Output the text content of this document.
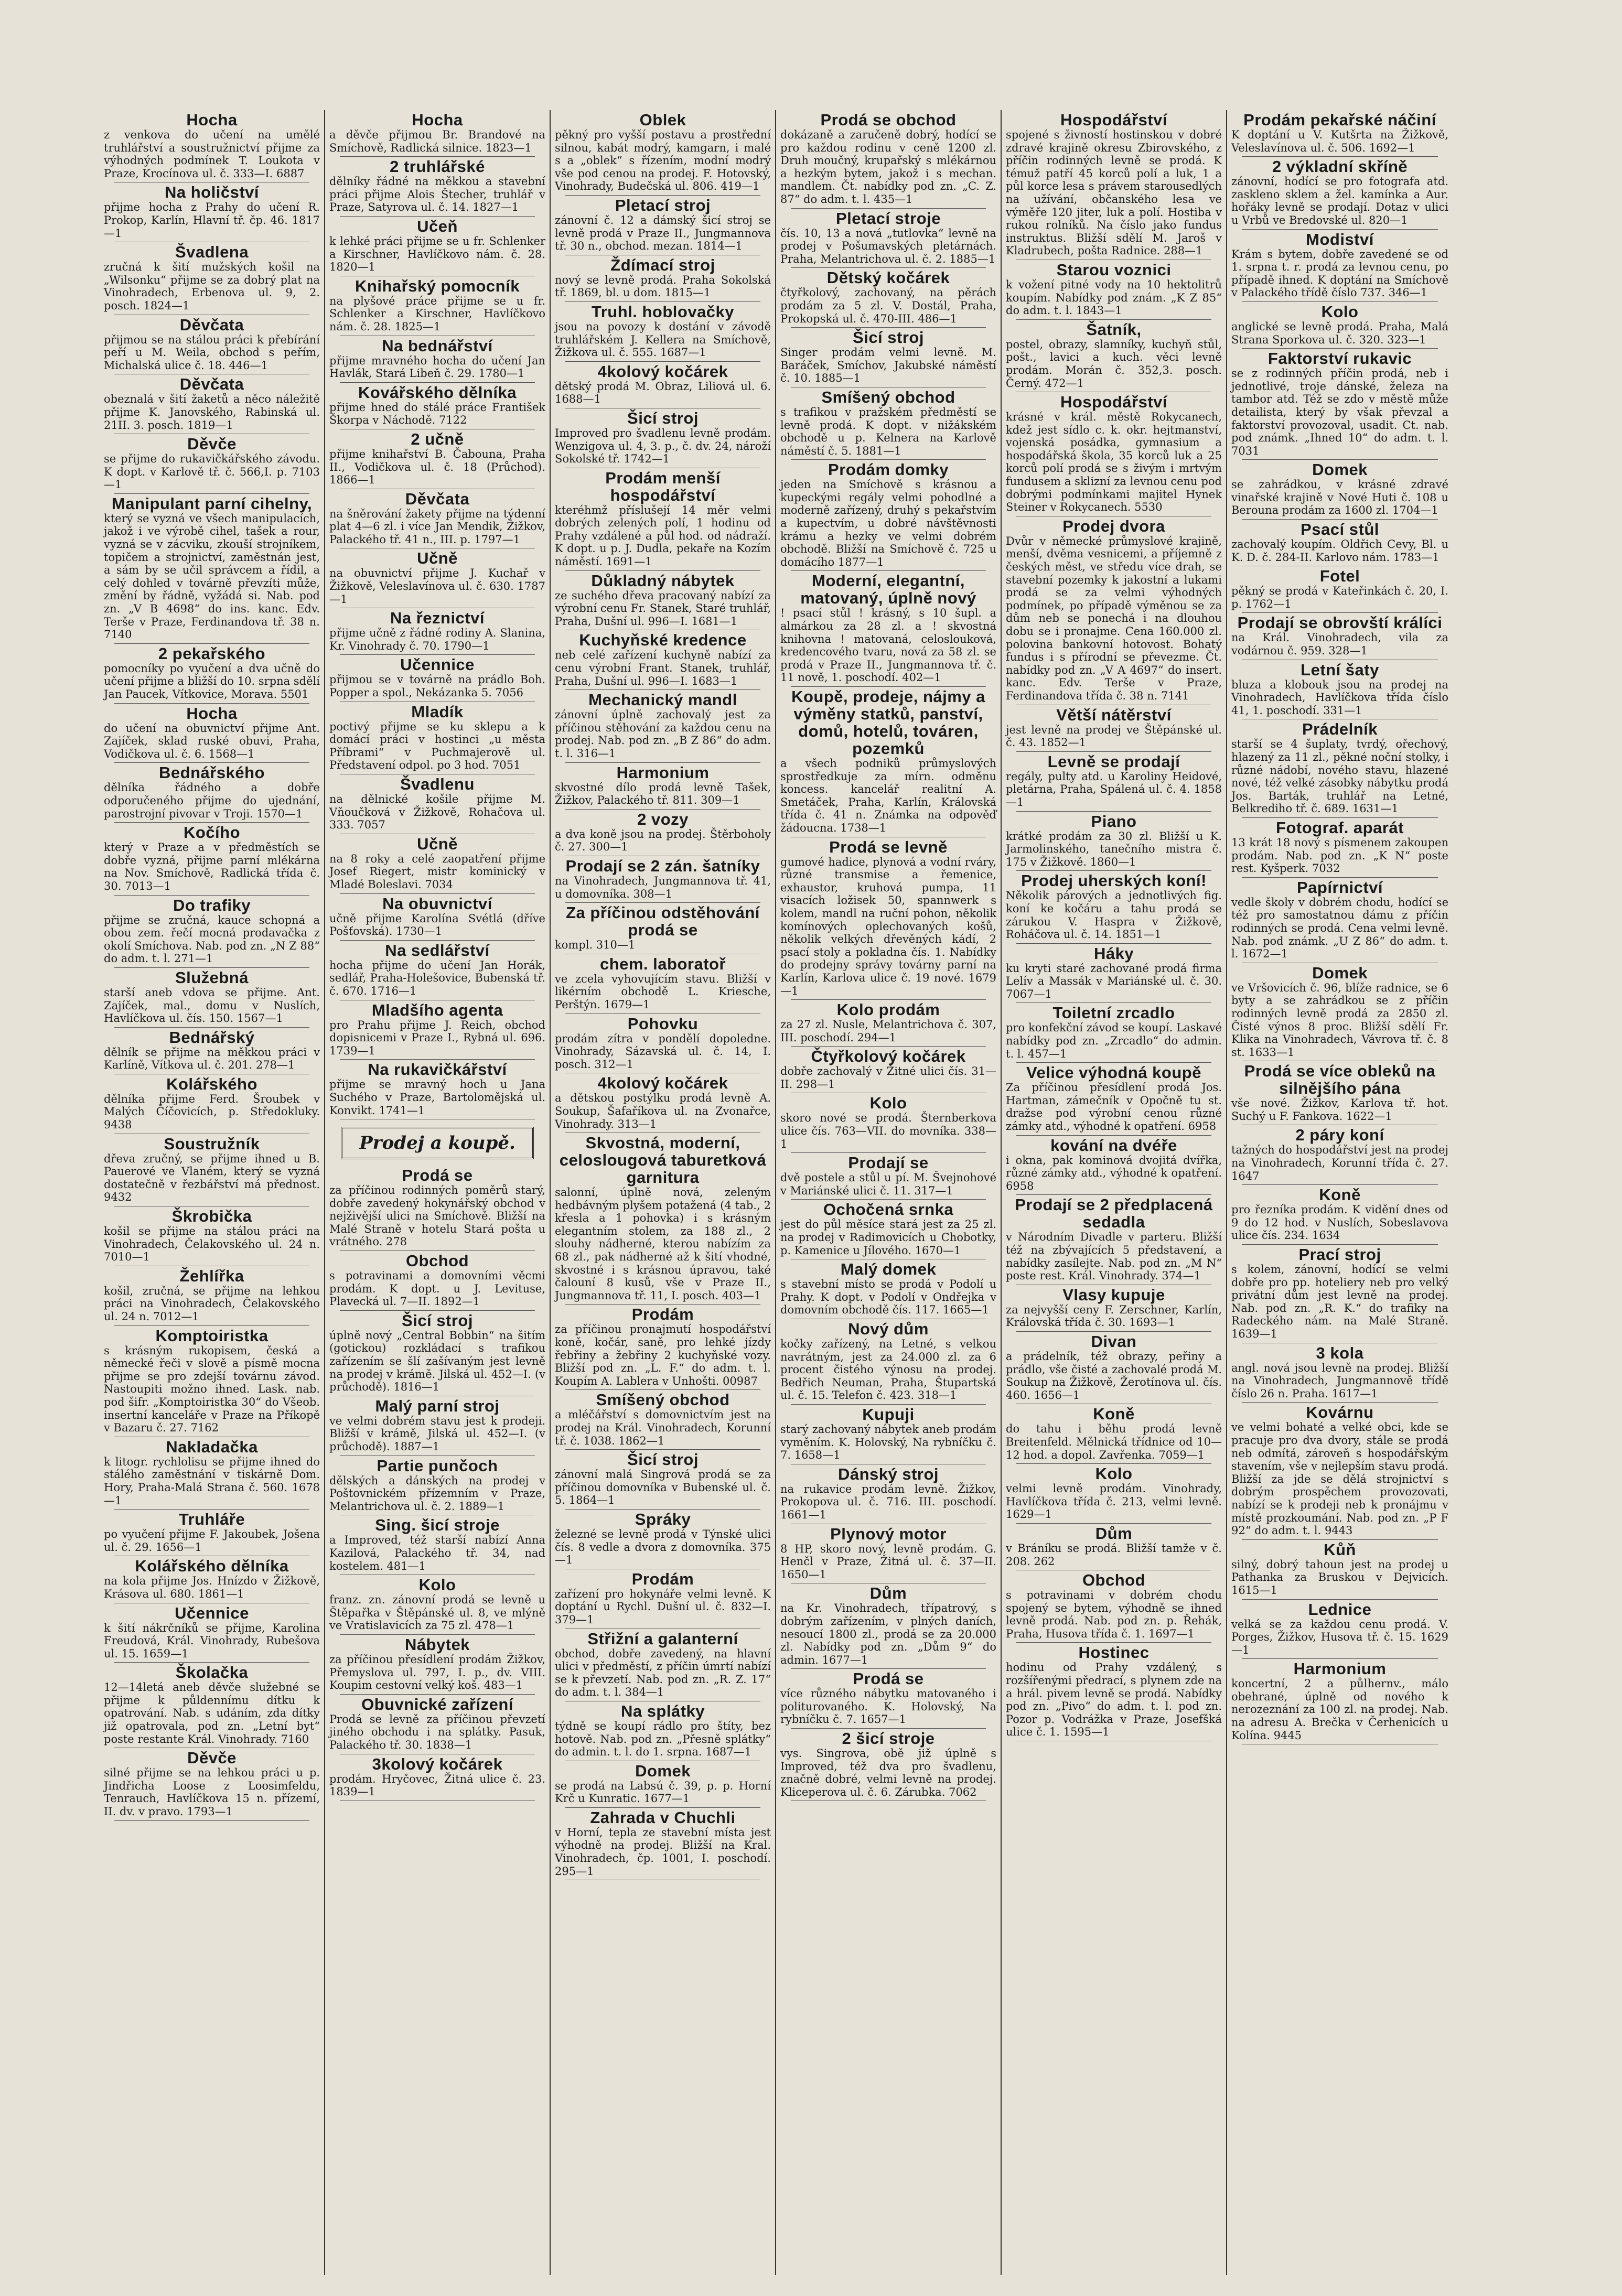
Hocha

z venkova do učení na umělé truhlářství a soustružnictví přijme za výhodných podmínek T. Loukota v Praze, Krocínova ul. č. 333—I. 6887

Na holičství

přijme hocha z Prahy do učení R. Prokop, Karlín, Hlavní tř. čp. 46. 1817—1

Švadlena

zručná k šití mužských košil na „Wilsonku“ přijme se za dobrý plat na Vinohradech, Erbenova ul. 9, 2. posch. 1824—1

Děvčata

přijmou se na stálou práci k přebírání peří u M. Weila, obchod s peřím, Michalská ulice č. 18. 446—1

Děvčata

obeznalá v šití žaketů a něco náležitě přijme K. Janovského, Rabinská ul. 21II. 3. posch. 1819—1

Děvče

se přijme do rukavičkářského závodu. K dopt. v Karlově tř. č. 566,I. p. 7103—1

Manipulant parní cihelny,

který se vyzná ve všech manipulacích, jakož i ve výrobě cihel, tašek a rour, vyzná se v zácviku, zkouší strojníkem, topičem a strojnictví, zaměstnán jest, a sám by se učil správcem a řídil, a celý dohled v továrně převzíti může, změní by řádně, vyžádá si. Nab. pod zn. „V B 4698“ do ins. kanc. Edv. Terše v Praze, Ferdinandova tř. 38 n. 7140

2 pekařského

pomocníky po vyučení a dva učně do učení přijme a bližší do 10. srpna sdělí Jan Paucek, Vítkovice, Morava. 5501

Hocha

do učení na obuvnictví přijme Ant. Zajíček, sklad ruské obuvi, Praha, Vodičkova ul. č. 6. 1568—1

Bednářského

dělníka řádného a dobře odporučeného přijme do ujednání, parostrojní pivovar v Troji. 1570—1

Kočího

který v Praze a v předměstích se dobře vyzná, přijme parní mlékárna na Nov. Smíchově, Radlická třída č. 30. 7013—1

Do trafiky

přijme se zručná, kauce schopná a obou zem. řečí mocná prodavačka z okolí Smíchova. Nab. pod zn. „N Z 88“ do adm. t. l. 271—1

Služebná

starší aneb vdova se přijme. Ant. Zajíček, mal., domu v Nuslích, Havlíčkova ul. čís. 150. 1567—1

Bednářský

dělník se přijme na měkkou práci v Karlíně, Vítkova ul. č. 201. 278—1

Kolářského

dělníka přijme Ferd. Šroubek v Malých Číčovicích, p. Středokluky. 9438

Soustružník

dřeva zručný, se přijme ihned u B. Pauerové ve Vlaném, který se vyzná dostatečně v řezbářství má přednost. 9432

Škrobička

košil se přijme na stálou práci na Vinohradech, Čelakovského ul. 24 n. 7010—1

Žehlířka

košil, zručná, se přijme na lehkou práci na Vinohradech, Čelakovského ul. 24 n. 7012—1

Komptoiristka

s krásným rukopisem, česká a německé řeči v slově a písmě mocna přijme se pro zdejší továrnu závod. Nastoupiti možno ihned. Lask. nab. pod šifr. „Komptoiristka 30“ do Všeob. insertní kanceláře v Praze na Příkopě v Bazaru č. 27. 7162

Nakladačka

k litogr. rychlolisu se přijme ihned do stálého zaměstnání v tiskárně Dom. Hory, Praha-Malá Strana č. 560. 1678—1

Truhláře

po vyučení přijme F. Jakoubek, Jošena ul. č. 29. 1656—1

Kolářského dělníka

na kola přijme Jos. Hnízdo v Žižkově, Krásova ul. 680. 1861—1

Učennice

k šití nákrčníků se přijme, Karolina Freudová, Král. Vinohrady, Rubešova ul. 15. 1659—1

Školačka

12—14letá aneb děvče služebné se přijme k půldennímu dítku k opatrování. Nab. s udáním, zda dítky již opatrovala, pod zn. „Letní byt“ poste restante Král. Vinohrady. 7160

Děvče

silné přijme se na lehkou práci u p. Jindřicha Loose z Loosimfeldu, Tenrauch, Havlíčkova 15 n. přízemí, II. dv. v pravo. 1793—1

Hocha

a děvče přijmou Br. Brandové na Smíchově, Radlická silnice. 1823—1

2 truhlářské

dělníky řádné na měkkou a stavební práci přijme Alois Štecher, truhlář v Praze, Satyrova ul. č. 14. 1827—1

Učeň

k lehké práci přijme se u fr. Schlenker a Kirschner, Havlíčkovo nám. č. 28. 1820—1

Knihařský pomocník

na plyšové práce přijme se u fr. Schlenker a Kirschner, Havlíčkovo nám. č. 28. 1825—1

Na bednářství

přijme mravného hocha do učení Jan Havlák, Stará Libeň č. 29. 1780—1

Kovářského dělníka

přijme hned do stálé práce František Škorpa v Náchodě. 7122

2 učně

přijme knihařství B. Čabouna, Praha II., Vodičkova ul. č. 18 (Průchod). 1866—1

Děvčata

na šněrování žakety přijme na týdenní plat 4—6 zl. i více Jan Mendik, Žižkov, Palackého tř. 41 n., III. p. 1797—1

Učně

na obuvnictví přijme J. Kuchař v Žižkově, Veleslavínova ul. č. 630. 1787—1

Na řeznictví

přijme učně z řádné rodiny A. Slanina, Kr. Vinohrady č. 70. 1790—1

Učennice

přijmou se v továrně na prádlo Boh. Popper a spol., Nekázanka 5. 7056

Mladík

poctivý přijme se ku sklepu a k domácí práci v hostinci „u města Příbrami“ v Puchmajerově ul. Představení odpol. po 3 hod. 7051

Švadlenu

na dělnické košile přijme M. Vňoučková v Žižkově, Rohačova ul. 333. 7057

Učně

na 8 roky a celé zaopatření přijme Josef Riegert, mistr kominický v Mladé Boleslavi. 7034

Na obuvnictví

učně přijme Karolína Svétlá (dříve Pošťovská). 1730—1

Na sedlářství

hocha přijme do učení Jan Horák, sedlář, Praha-Holešovice, Bubenská tř. č. 670. 1716—1

Mladšího agenta

pro Prahu přijme J. Reich, obchod dopisnicemi v Praze I., Rybná ul. 696. 1739—1

Na rukavičkářství

přijme se mravný hoch u Jana Suchého v Praze, Bartolomějská ul. Konvikt. 1741—1

Prodej a koupě.
Prodá se

za příčinou rodinných poměrů starý, dobře zavedený hokynářský obchod v nejživější ulici na Smíchově. Bližší na Malé Straně v hotelu Stará pošta u vrátného. 278

Obchod

s potravinami a domovními věcmi prodám. K dopt. u J. Levituse, Plavecká ul. 7—II. 1892—1

Šicí stroj

úplně nový „Central Bobbin“ na šitím (gotickou) rozkládací s trafikou zařízením se šlí zašívaným jest levně na prodej v krámě. Jilská ul. 452—I. (v průchodě). 1816—1

Malý parní stroj

ve velmi dobrém stavu jest k prodeji. Bližší v krámě, Jilská ul. 452—I. (v průchodě). 1887—1

Partie punčoch

dělských a dánských na prodej v Poštovnickém přízemním v Praze, Melantrichova ul. č. 2. 1889—1

Sing. šicí stroje

a Improved, též starší nabízí Anna Kazilová, Palackého tř. 34, nad kostelem. 481—1

Kolo

franz. zn. zánovní prodá se levně u Štěpařka v Štěpánské ul. 8, ve mlýně ve Vratislavicích za 75 zl. 478—1

Nábytek

za příčinou přesídlení prodám Žižkov, Přemyslova ul. 797, I. p., dv. VIII. Koupim cestovní velký koš. 483—1

Obuvnické zařízení

Prodá se levně za příčinou převzetí jiného obchodu i na splátky. Pasuk, Palackého tř. 30. 1838—1

3kolový kočárek

prodám. Hryčovec, Žitná ulice č. 23. 1839—1

Oblek

pěkný pro vyšší postavu a prostřední silnou, kabát modrý, kamgarn, i malé s a „oblek“ s řízením, modní modrý vše pod cenou na prodej. F. Hotovský, Vinohrady, Budečská ul. 806. 419—1

Pletací stroj

zánovní č. 12 a dámský šicí stroj se levně prodá v Praze II., Jungmannova tř. 30 n., obchod. mezan. 1814—1

Ždímací stroj

nový se levně prodá. Praha Sokolská tř. 1869, bl. u dom. 1815—1

Truhl. hoblovačky

jsou na povozy k dostání v závodě truhlářském J. Kellera na Smíchově, Žižkova ul. č. 555. 1687—1

4kolový kočárek

dětský prodá M. Obraz, Liliová ul. 6. 1688—1

Šicí stroj

Improved pro švadlenu levně prodám. Wenzigova ul. 4, 3. p., č. dv. 24, nároží Sokolské tř. 1742—1

Prodám menší hospodářství

kteréhmž příslušejí 14 měr velmi dobrých zelených polí, 1 hodinu od Prahy vzdálené a půl hod. od nádraží. K dopt. u p. J. Dudla, pekaře na Kozím náměstí. 1691—1

Důkladný nábytek

ze suchého dřeva pracovaný nabízí za výrobní cenu Fr. Stanek, Staré truhlář, Praha, Dušní ul. 996—I. 1681—1

Kuchyňské kredence

neb celé zařízení kuchyně nabízí za cenu výrobní Frant. Stanek, truhlář, Praha, Dušní ul. 996—I. 1683—1

Mechanický mandl

zánovní úplně zachovalý jest za příčinou stěhování za každou cenu na prodej. Nab. pod zn. „B Z 86“ do adm. t. l. 316—1

Harmonium

skvostné dílo prodá levně Tašek, Žižkov, Palackého tř. 811. 309—1

2 vozy

a dva koně jsou na prodej. Štěrboholy č. 27. 300—1

Prodají se 2 zán. šatníky

na Vinohradech, Jungmannova tř. 41, u domovníka. 308—1

Za příčinou odstěhování prodá se

kompl. 310—1

chem. laboratoř

ve zcela vyhovujícím stavu. Bližší v likérním obchodě L. Kriesche, Perštýn. 1679—1

Pohovku

prodám zítra v pondělí dopoledne. Vinohrady, Sázavská ul. č. 14, I. posch. 312—1

4kolový kočárek

a dětskou postýlku prodá levně A. Soukup, Šafaříkova ul. na Zvonařce, Vinohrady. 313—1

Skvostná, moderní, celoslougová taburetková garnitura

salonní, úplně nová, zeleným hedbávným plyšem potažená (4 tab., 2 křesla a 1 pohovka) i s krásným elegantním stolem, za 188 zl., 2 slouhy nádherné, kterou nabízím za 68 zl., pak nádherné až k šití vhodné, skvostné i s krásnou úpravou, také čalouní 8 kusů, vše v Praze II., Jungmannova tř. 11, I. posch. 403—1

Prodám

za příčinou pronajmutí hospodářství koně, kočár, saně, pro lehké jízdy řebřiny a žebřiny 2 kuchyňské vozy. Bližší pod zn. „L. F.“ do adm. t. l. Koupím A. Lablera v Unhošti. 00987

Smíšený obchod

a mléčářství s domovnictvím jest na prodej na Král. Vinohradech, Korunní tř. č. 1038. 1862—1

Šicí stroj

zánovní malá Singrová prodá se za příčinou domovníka v Bubenské ul. č. 5. 1864—1

Spráky

železné se levně prodá v Týnské ulici čís. 8 vedle a dvora z domovníka. 375—1

Prodám

zařízení pro hokynáře velmi levně. K doptání u Rychl. Dušní ul. č. 832—I. 379—1

Střižní a galanterní

obchod, dobře zavedený, na hlavní ulici v předměstí, z příčin úmrtí nabízí se k převzetí. Nab. pod zn. „R. Z. 17“ do adm. t. l. 384—1

Na splátky

týdně se koupí rádlo pro štíty, bez hotově. Nab. pod zn. „Přesně splátky“ do admin. t. l. do 1. srpna. 1687—1

Domek

se prodá na Labsú č. 39, p. p. Horní Krč u Kunratic. 1677—1

Zahrada v Chuchli

v Horní, tepla ze stavební místa jest výhodně na prodej. Bližší na Kral. Vinohradech, čp. 1001, I. poschodí. 295—1

Prodá se obchod

dokázaně a zaručeně dobrý, hodící se pro každou rodinu v ceně 1200 zl. Druh moučný, krupařský s mlékárnou a hezkým bytem, jakož i s mechan. mandlem. Čt. nabídky pod zn. „C. Z. 87“ do adm. t. l. 435—1

Pletací stroje

čís. 10, 13 a nová „tutlovka“ levně na prodej v Pošumavských pletárnách. Praha, Melantrichova ul. č. 2. 1885—1

Dětský kočárek

čtyřkolový, zachovaný, na pěrách prodám za 5 zl. V. Dostál, Praha, Prokopská ul. č. 470-III. 486—1

Šicí stroj

Singer prodám velmi levně. M. Baráček, Smíchov, Jakubské náměstí č. 10. 1885—1

Smíšený obchod

s trafikou v pražském předměstí se levně prodá. K dopt. v nižákském obchodě u p. Kelnera na Karlově náměstí č. 5. 1881—1

Prodám domky

jeden na Smíchově s krásnou a kupeckými regály velmi pohodlné a moderně zařízený, druhý s pekařstvím a kupectvím, u dobré návštěvnosti krámu a hezky ve velmi dobrém obchodě. Bližší na Smíchově č. 725 u domácího 1877—1

Moderní, elegantní, matovaný, úplně nový

! psací stůl ! krásný, s 10 šupl. a almárkou za 28 zl. a ! skvostná knihovna ! matovaná, celoslouková, kredencového tvaru, nová za 58 zl. se prodá v Praze II., Jungmannova tř. č. 11 nově, 1. poschodí. 402—1

Koupě, prodeje, nájmy a výměny statků, panství, domů, hotelů, továren, pozemků

a všech podniků průmyslových sprostředkuje za mírn. odměnu koncess. kancelář realitní A. Smetáček, Praha, Karlín, Královská třída č. 41 n. Známka na odpověď žádoucna. 1738—1

Prodá se levně

gumové hadice, plynová a vodní rváry, různé transmise a řemenice, exhaustor, kruhová pumpa, 11 visacích ložisek 50, spannwerk s kolem, mandl na ruční pohon, několik komínových oplechovaných košů, několik velkých dřevěných kádí, 2 psací stoly a pokladna čís. 1. Nabídky do prodejny správy továrny parní na Karlín, Karlova ulice č. 19 nové. 1679—1

Kolo prodám

za 27 zl. Nusle, Melantrichova č. 307, III. poschodí. 294—1

Čtyřkolový kočárek

dobře zachovalý v Žitné ulici čís. 31—II. 298—1

Kolo

skoro nové se prodá. Šternberkova ulice čís. 763—VII. do movníka. 338—1

Prodají se

dvě postele a stůl u pí. M. Švejnohové v Mariánské ulici č. 11. 317—1

Ochočená srnka

jest do půl měsíce stará jest za 25 zl. na prodej v Radimovicích u Chobotky, p. Kamenice u Jílového. 1670—1

Malý domek

s stavební místo se prodá v Podolí u Prahy. K dopt. v Podolí v Ondřejka v domovním obchodě čís. 117. 1665—1

Nový dům

kočky zařízený, na Letné, s velkou navrátným, jest za 24.000 zl. za 6 procent čistého výnosu na prodej. Bedřich Neuman, Praha, Štupartská ul. č. 15. Telefon č. 423. 318—1

Kupuji

starý zachovaný nábytek aneb prodám vyměním. K. Holovský, Na rybníčku č. 7. 1658—1

Dánský stroj

na rukavice prodám levně. Žižkov, Prokopova ul. č. 716. III. poschodí. 1661—1

Plynový motor

8 HP, skoro nový, levně prodám. G. Henčl v Praze, Žitná ul. č. 37—II. 1650—1

Dům

na Kr. Vinohradech, třípatrový, s dobrým zařízením, v plných daních, nesoucí 1800 zl., prodá se za 20.000 zl. Nabídky pod zn. „Dům 9“ do admin. 1677—1

Prodá se

více různého nábytku matovaného i politurovaného. K. Holovský, Na rybníčku č. 7. 1657—1

2 šicí stroje

vys. Singrova, obě již úplně s Improved, též dva pro švadlenu, značně dobré, velmi levně na prodej. Kliceperova ul. č. 6. Zárubka. 7062

Hospodářství

spojené s živností hostinskou v dobré zdravé krajině okresu Zbirovského, z příčin rodinných levně se prodá. K témuž patří 45 korců polí a luk, 1 a půl korce lesa s právem starousedlých na užívání, občanského lesa ve výměře 120 jiter, luk a polí. Hostiba v rukou rolníků. Na číslo jako fundus instruktus. Bližší sdělí M. Jaroš v Kladrubech, pošta Radnice. 288—1

Starou voznici

k vožení pitné vody na 10 hektolitrů koupím. Nabídky pod znám. „K Z 85“ do adm. t. l. 1843—1

Šatník,

postel, obrazy, slamníky, kuchyň stůl, pošt., lavici a kuch. věci levně prodám. Morán č. 352,3. posch. Černý. 472—1

Hospodářství

krásné v král. městě Rokycanech, kdež jest sídlo c. k. okr. hejtmanství, vojenská posádka, gymnasium a hospodářská škola, 35 korců luk a 25 korců polí prodá se s živým i mrtvým fundusem a sklizní za levnou cenu pod dobrými podmínkami majitel Hynek Steiner v Rokycanech. 5530

Prodej dvora

Dvůr v německé průmyslové krajině, menší, dvěma vesnicemi, a příjemně z českých měst, ve středu více drah, se stavební pozemky k jakostní a lukami prodá se za velmi výhodných podmínek, po případě výměnou se za dům neb se ponechá i na dlouhou dobu se i pronajme. Cena 160.000 zl. polovina bankovní hotovost. Bohatý fundus i s přírodní se převezme. Čt. nabídky pod zn. „V A 4697“ do insert. kanc. Edv. Terše v Praze, Ferdinandova třída č. 38 n. 7141

Větší nátěrství

jest levně na prodej ve Štěpánské ul. č. 43. 1852—1

Levně se prodají

regály, pulty atd. u Karoliny Heidové, pletárna, Praha, Spálená ul. č. 4. 1858—1

Piano

krátké prodám za 30 zl. Bližší u K. Jarmolinského, tanečního mistra č. 175 v Žižkově. 1860—1

Prodej uherských koní!

Několik párových a jednotlivých fig. koní ke kočáru a tahu prodá se zárukou V. Haspra v Žižkově, Roháčova ul. č. 14. 1851—1

Háky

ku kryti staré zachované prodá firma Lelív a Massák v Mariánské ul. č. 30. 7067—1

Toiletní zrcadlo

pro konfekční závod se koupí. Laskavé nabídky pod zn. „Zrcadlo“ do admin. t. l. 457—1

Velice výhodná koupě

Za příčinou přesídlení prodá Jos. Hartman, zámečník v Opočně tu st. dražse pod výrobní cenou různé zámky atd., výhodné k opatření. 6958

kování na dvéře

i okna, pak kominová dvojitá dvířka, různé zámky atd., výhodné k opatření. 6958

Prodají se 2 předplacená sedadla

v Národním Divadle v parteru. Bližší též na zbývajících 5 představení, a nabídky zasílejte. Nab. pod zn. „M N“ poste rest. Král. Vinohrady. 374—1

Vlasy kupuje

za nejvyšší ceny F. Zerschner, Karlín, Královská třída č. 30. 1693—1

Divan

a prádelník, též obrazy, peřiny a prádlo, vše čisté a zachovalé prodá M. Soukup na Žižkově, Žerotínova ul. čís. 460. 1656—1

Koně

do tahu i běhu prodá levně Breitenfeld. Mělnická třídnice od 10—12 hod. a dopol. Zavřenka. 7059—1

Kolo

velmi levně prodám. Vinohrady, Havlíčkova třída č. 213, velmi levně. 1629—1

Dům

v Bráníku se prodá. Bližší tamže v č. 208. 262

Obchod

s potravinami v dobrém chodu spojený se bytem, výhodně se ihned levně prodá. Nab. pod zn. p. Řehák, Praha, Husova třída č. 1. 1697—1

Hostinec

hodinu od Prahy vzdálený, s rozšířenými předrací, s plynem zde na a hrál. pivem levně se prodá. Nabídky pod zn. „Pivo“ do adm. t. l. pod zn. Pozor p. Vodrážka v Praze, Josefšká ulice č. 1. 1595—1

Prodám pekařské náčiní

K doptání u V. Kutšrta na Žižkově, Veleslavínova ul. č. 506. 1692—1

2 výkladní skříně

zánovní, hodící se pro fotografa atd. zaskleno sklem a žel. kamínka a Aur. hořáky levně se prodají. Dotaz v ulici u Vrbů ve Bredovské ul. 820—1

Modiství

Krám s bytem, dobře zavedené se od 1. srpna t. r. prodá za levnou cenu, po případě ihned. K doptání na Smíchově v Palackého třídě číslo 737. 346—1

Kolo

anglické se levně prodá. Praha, Malá Strana Sporkova ul. č. 320. 323—1

Faktorství rukavic

se z rodinných příčin prodá, neb i jednotlivé, troje dánské, železa na tambor atd. Též se zdo v městě může detailista, který by však převzal a faktorství provozoval, usadit. Ct. nab. pod známk. „Ihned 10“ do adm. t. l. 7031

Domek

se zahrádkou, v krásné zdravé vinařské krajině v Nové Huti č. 108 u Berouna prodám za 1600 zl. 1704—1

Psací stůl

zachovalý koupím. Oldřich Cevy, Bl. u K. D. č. 284-II. Karlovo nám. 1783—1

Fotel

pěkný se prodá v Kateřinkách č. 20, I. p. 1762—1

Prodají se obrovští králíci

na Král. Vinohradech, vila za vodárnou č. 959. 328—1

Letní šaty

bluza a klobouk jsou na prodej na Vinohradech, Havlíčkova třída číslo 41, 1. poschodí. 331—1

Prádelník

starší se 4 šuplaty, tvrdý, ořechový, hlazený za 11 zl., pěkné noční stolky, i různé nádobí, nového stavu, hlazené nové, též velké zásobky nábytku prodá Jos. Barták, truhlář na Letné, Belkrediho tř. č. 689. 1631—1

Fotograf. aparát

13 krát 18 nový s písmenem zakoupen prodám. Nab. pod zn. „K N“ poste rest. Kyšperk. 7032

Papírnictví

vedle školy v dobrém chodu, hodící se též pro samostatnou dámu z příčin rodinných se prodá. Cena velmi levně. Nab. pod známk. „U Z 86“ do adm. t. l. 1672—1

Domek

ve Vršovicích č. 96, blíže radnice, se 6 byty a se zahrádkou se z příčin rodinných levně prodá za 2850 zl. Čisté výnos 8 proc. Bližší sdělí Fr. Klika na Vinohradech, Vávrova tř. č. 8 st. 1633—1

Prodá se více obleků na silnějšího pána

vše nové. Žižkov, Karlova tř. hot. Suchý u F. Fankova. 1622—1

2 páry koní

tažných do hospodářství jest na prodej na Vinohradech, Korunní třída č. 27. 1647

Koně

pro řezníka prodám. K vidění dnes od 9 do 12 hod. v Nuslích, Sobeslavova ulice čís. 234. 1634

Prací stroj

s kolem, zánovní, hodící se velmi dobře pro pp. hoteliery neb pro velký privátní dům jest levně na prodej. Nab. pod zn. „R. K.“ do trafiky na Radeckého nám. na Malé Straně. 1639—1

3 kola

angl. nová jsou levně na prodej. Bližší na Vinohradech, Jungmannově třídě číslo 26 n. Praha. 1617—1

Kovárnu

ve velmi bohaté a velké obci, kde se pracuje pro dva dvory, stále se prodá neb odmítá, zároveň s hospodářským stavením, vše v nejlepším stavu prodá. Bližší za jde se dělá strojnictví s dobrým prospěchem provozovati, nabízí se k prodeji neb k pronájmu v místě prozkoumání. Nab. pod zn. „P F 92“ do adm. t. l. 9443

Kůň

silný, dobrý tahoun jest na prodej u Pathanka za Bruskou v Dejvicích. 1615—1

Lednice

velká se za každou cenu prodá. V. Porges, Žižkov, Husova tř. č. 15. 1629—1

Harmonium

koncertní, 2 a půlhernv., málo obehrané, úplně od nového k nerozeznání za 100 zl. na prodej. Nab. na adresu A. Brečka v Čerhenicích u Kolína. 9445
